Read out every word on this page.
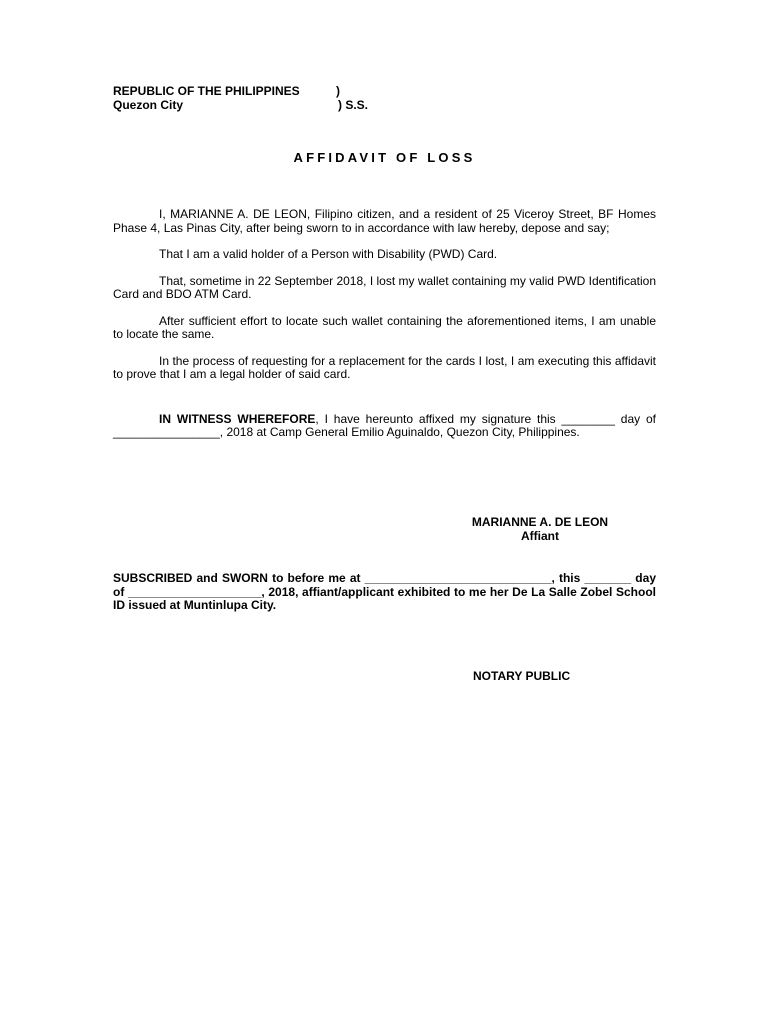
REPUBLIC OF THE PHILIPPINES	)
Quezon City	) S.S.
AFFIDAVIT OF LOSS

I, MARIANNE A. DE LEON, Filipino citizen, and a resident of 25 Viceroy Street, BF Homes Phase 4, Las Pinas City, after being sworn to in accordance with law hereby, depose and say;

That I am a valid holder of a Person with Disability (PWD) Card.

That, sometime in 22 September 2018, I lost my wallet containing my valid PWD Identification Card and BDO ATM Card.

After sufficient effort to locate such wallet containing the aforementioned items, I am unable to locate the same.

In the process of requesting for a replacement for the cards I lost, I am executing this affidavit to prove that I am a legal holder of said card.

IN WITNESS WHEREFORE, I have hereunto affixed my signature this ________ day of ________________, 2018 at Camp General Emilio Aguinaldo, Quezon City, Philippines.

MARIANNE A. DE LEON
Affiant
SUBSCRIBED and SWORN to before me at ____________________________, this _______ day of ____________________, 2018, affiant/applicant exhibited to me her De La Salle Zobel School ID issued at Muntinlupa City.
NOTARY PUBLIC
